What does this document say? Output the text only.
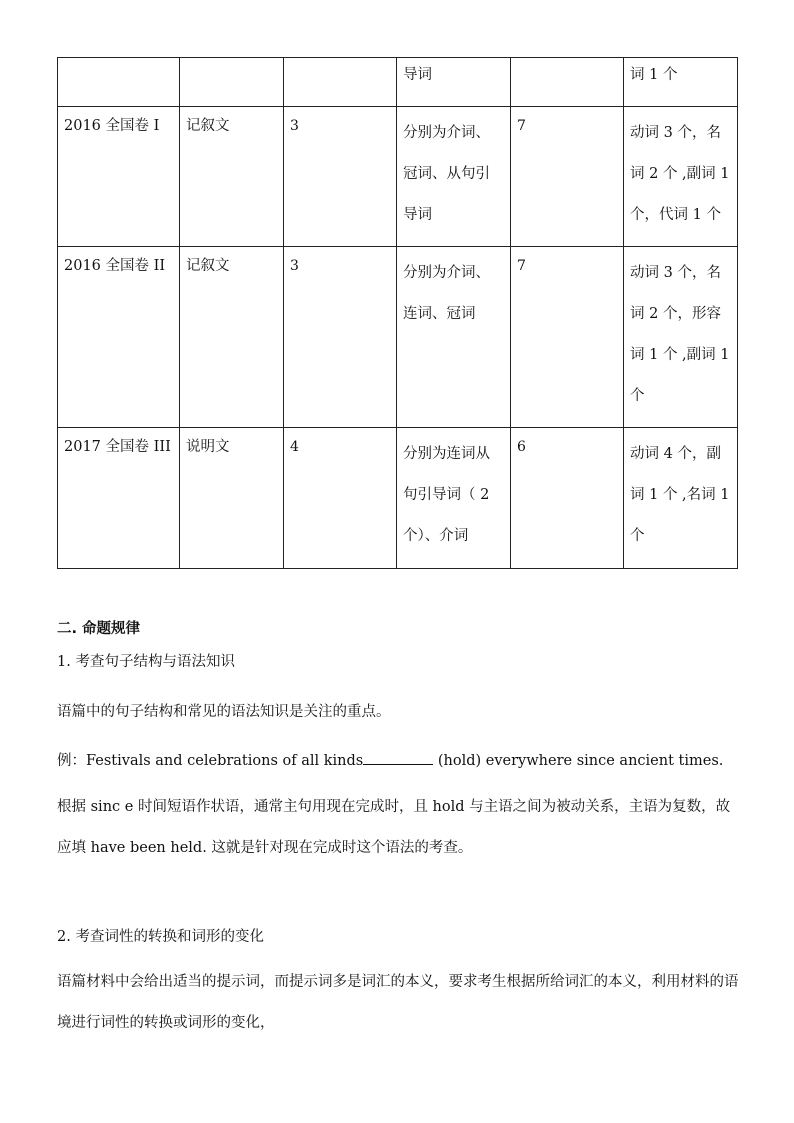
			导词		词 1 个
2016 全国卷 I	记叙文	3	分别为介词、冠词、从句引导词	7	动词 3 个，名词 2 个 ,副词 1 个，代词 1 个
2016 全国卷 II	记叙文	3	分别为介词、连词、冠词	7	动词 3 个，名词 2 个，形容词 1 个 ,副词 1 个
2017 全国卷 III	说明文	4	分别为连词从句引导词（ 2 个）、介词	6	动词 4 个，副词 1 个 ,名词 1 个
二. 命题规律
1. 考查句子结构与语法知识
语篇中的句子结构和常见的语法知识是关注的重点。
例：Festivals and celebrations of all kinds	(hold) everywhere since ancient times.
根据 sinc e 时间短语作状语，通常主句用现在完成时，且 hold 与主语之间为被动关系，主语为复数，故应填 have been held. 这就是针对现在完成时这个语法的考查。
2. 考查词性的转换和词形的变化
语篇材料中会给出适当的提示词，而提示词多是词汇的本义，要求考生根据所给词汇的本义，利用材料的语境进行词性的转换或词形的变化，
